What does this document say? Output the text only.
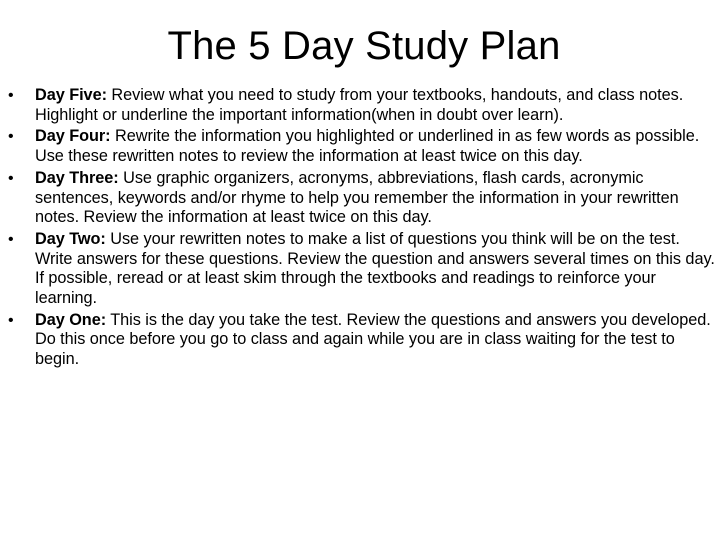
The 5 Day Study Plan
•	Day Five: Review what you need to study from your textbooks, handouts, and class notes. Highlight or underline the important information(when in doubt over learn).
•	Day Four: Rewrite the information you highlighted or underlined in as few words as possible. Use these rewritten notes to review the information at least twice on this day.
•	Day Three: Use graphic organizers, acronyms, abbreviations, flash cards, acronymic sentences, keywords and/or rhyme to help you remember the information in your rewritten notes. Review the information at least twice on this day.
•	Day Two: Use your rewritten notes to make a list of questions you think will be on the test. Write answers for these questions. Review the question and answers several times on this day. If possible, reread or at least skim through the textbooks and readings to reinforce your learning.
•	Day One: This is the day you take the test. Review the questions and answers you developed. Do this once before you go to class and again while you are in class waiting for the test to begin.
